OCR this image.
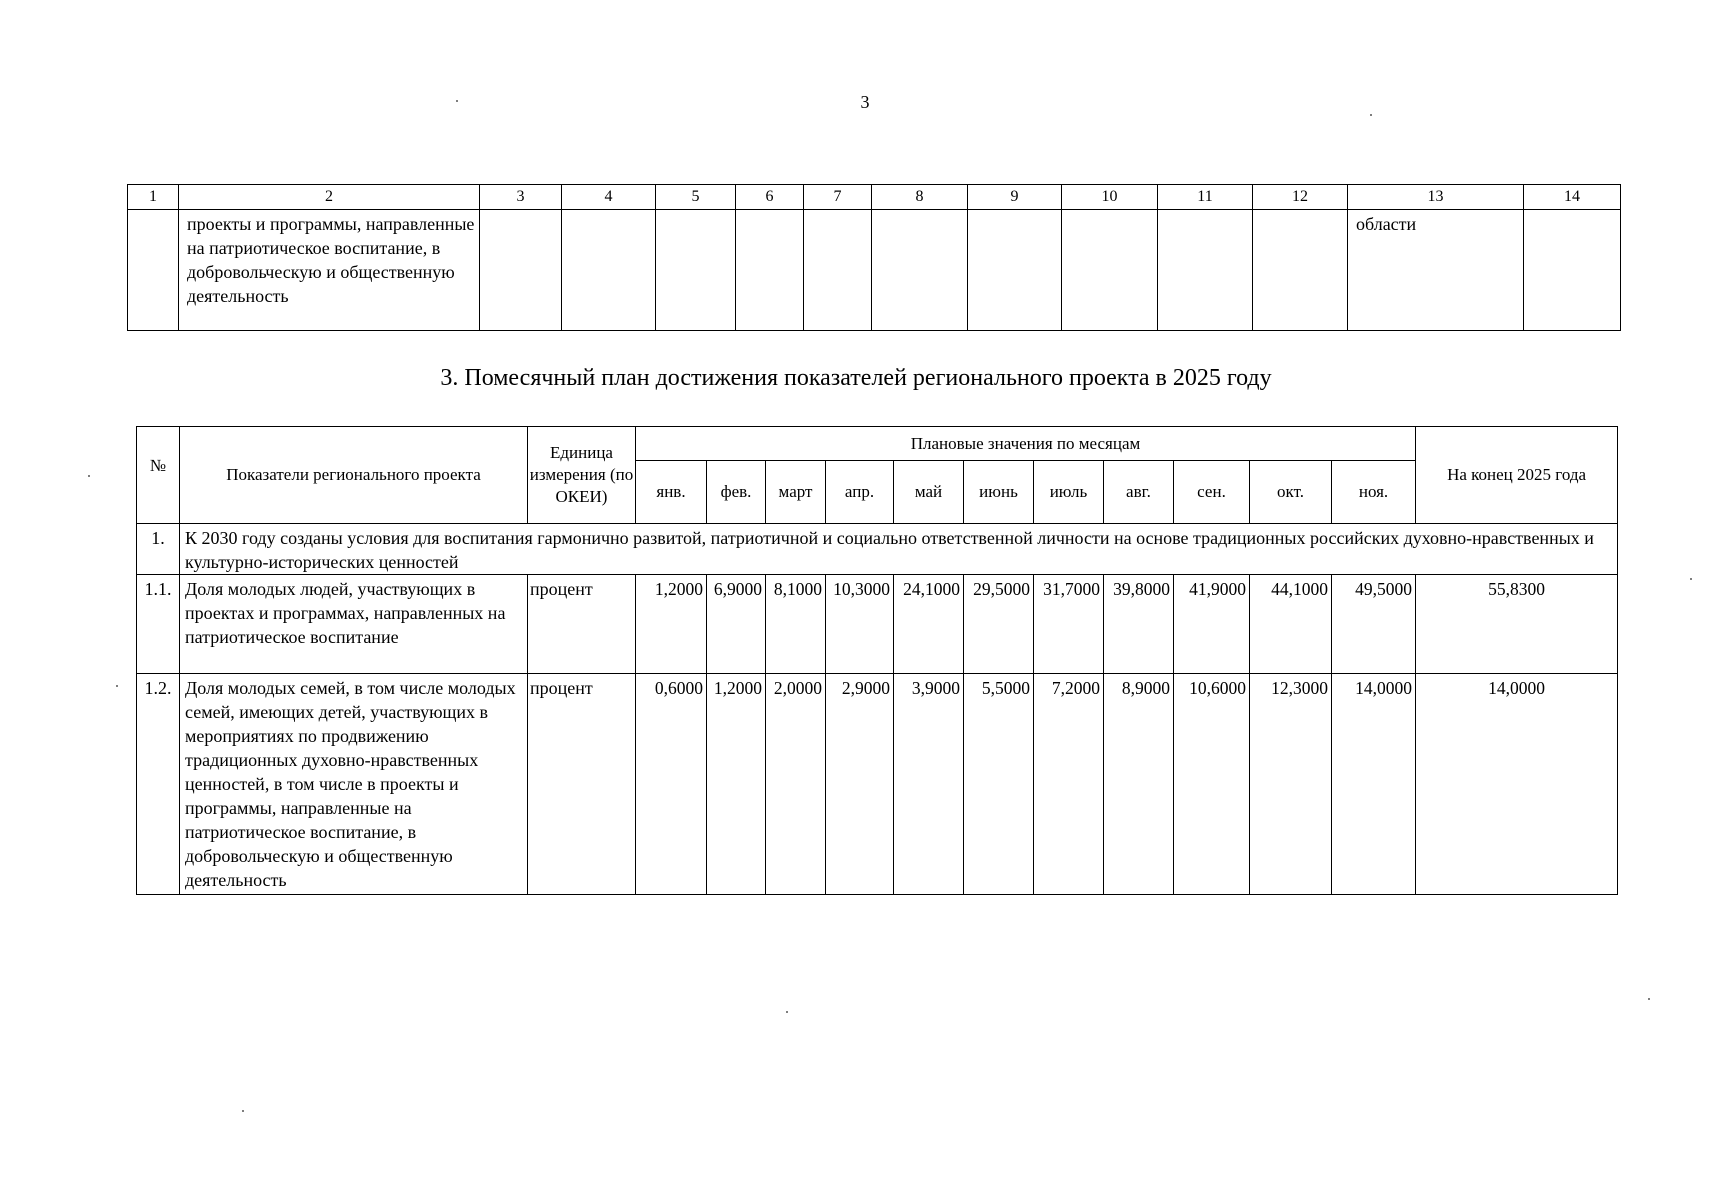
3
1	2	3	4	5	6	7	8	9	10	11	12	13	14
	проекты и программы, направленные на патриотическое воспитание, в добровольческую и общественную деятельность											области	
3. Помесячный план достижения показателей регионального проекта в 2025 году
№	Показатели регионального проекта	Единица измерения (по ОКЕИ)	Плановые значения по месяцам											На конец 2025 года
			янв.	фев.	март	апр.	май	июнь	июль	авг.	сен.	окт.	ноя.	
1.	К 2030 году созданы условия для воспитания гармонично развитой, патриотичной и социально ответственной личности на основе традиционных российских духовно-нравственных и культурно-исторических ценностей													
1.1.	Доля молодых людей, участвующих в проектах и программах, направленных на патриотическое воспитание	процент	1,2000	6,9000	8,1000	10,3000	24,1000	29,5000	31,7000	39,8000	41,9000	44,1000	49,5000	55,8300
1.2.	Доля молодых семей, в том числе молодых семей, имеющих детей, участвующих в мероприятиях по продвижению традиционных духовно-нравственных ценностей, в том числе в проекты и программы, направленные на патриотическое воспитание, в добровольческую и общественную деятельность	процент	0,6000	1,2000	2,0000	2,9000	3,9000	5,5000	7,2000	8,9000	10,6000	12,3000	14,0000	14,0000
